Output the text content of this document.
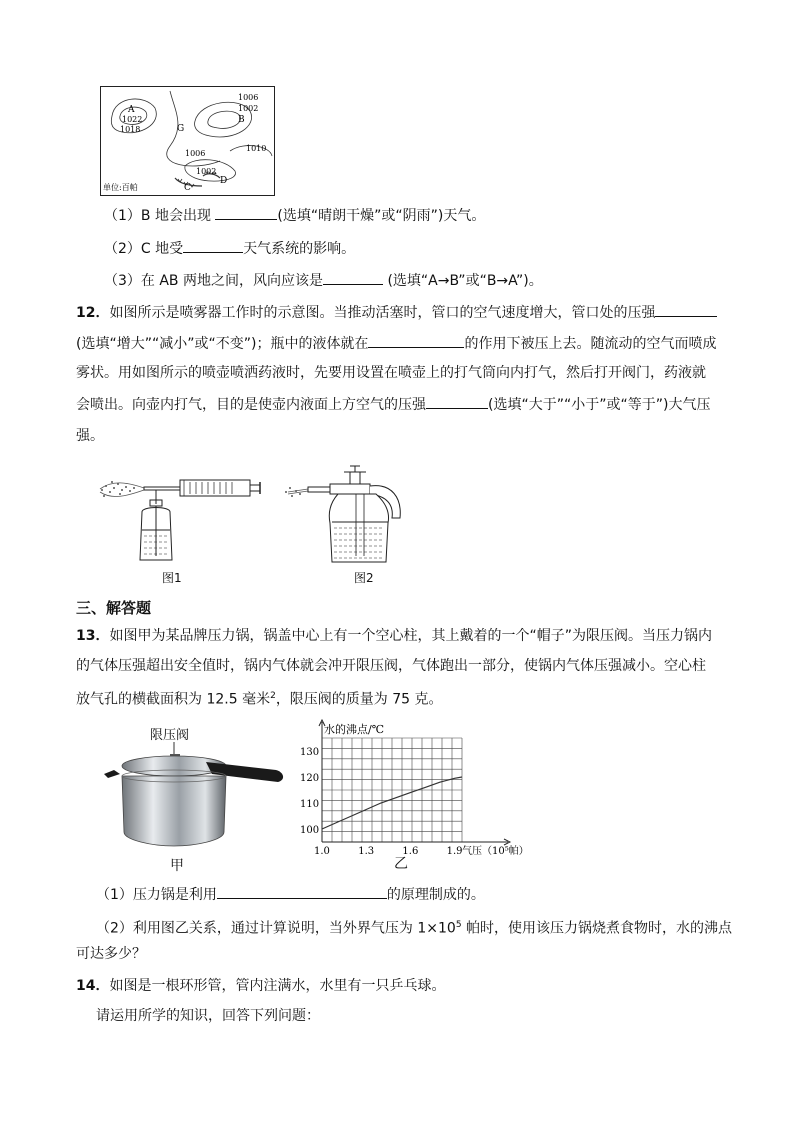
A
1022
1018	G
1006
1002
B
1010
1006
1002
C
D
单位:百帕
（1）B 地会出现	(选填“晴朗干燥”或“阴雨”)天气。
（2）C 地受	天气系统的影响。
（3）在 AB 两地之间，风向应该是	(选填“A→B”或“B→A”)。
12．如图所示是喷雾器工作时的示意图。当推动活塞时，管口的空气速度增大，管口处的压强
(选填“增大”“减小”或“不变”)；瓶中的液体就在	的作用下被压上去。随流动的空气而喷成
雾状。用如图所示的喷壶喷洒药液时，先要用设置在喷壶上的打气筒向内打气，然后打开阀门，药液就
会喷出。向壶内打气，目的是使壶内液面上方空气的压强	(选填“大于”“小于”或“等于”)大气压
强。
图1	图2
三、解答题
13．如图甲为某品牌压力锅，锅盖中心上有一个空心柱，其上戴着的一个“帽子”为限压阀。当压力锅内
的气体压强超出安全值时，锅内气体就会冲开限压阀，气体跑出一部分，使锅内气体压强减小。空心柱
放气孔的横截面积为 12.5 毫米$^2$，限压阀的质量为 75 克。
限压阀
甲
水的沸点/℃
气压（10⁵帕）
1.0	1.3	1.6	1.9
100
110
120
130
乙
（1）压力锅是利用	的原理制成的。
（2）利用图乙关系，通过计算说明，当外界气压为 $1\times 10^5$ 帕时，使用该压力锅烧煮食物时，水的沸点
可达多少？
14．如图是一根环形管，管内注满水，水里有一只乒乓球。
请运用所学的知识，回答下列问题：
